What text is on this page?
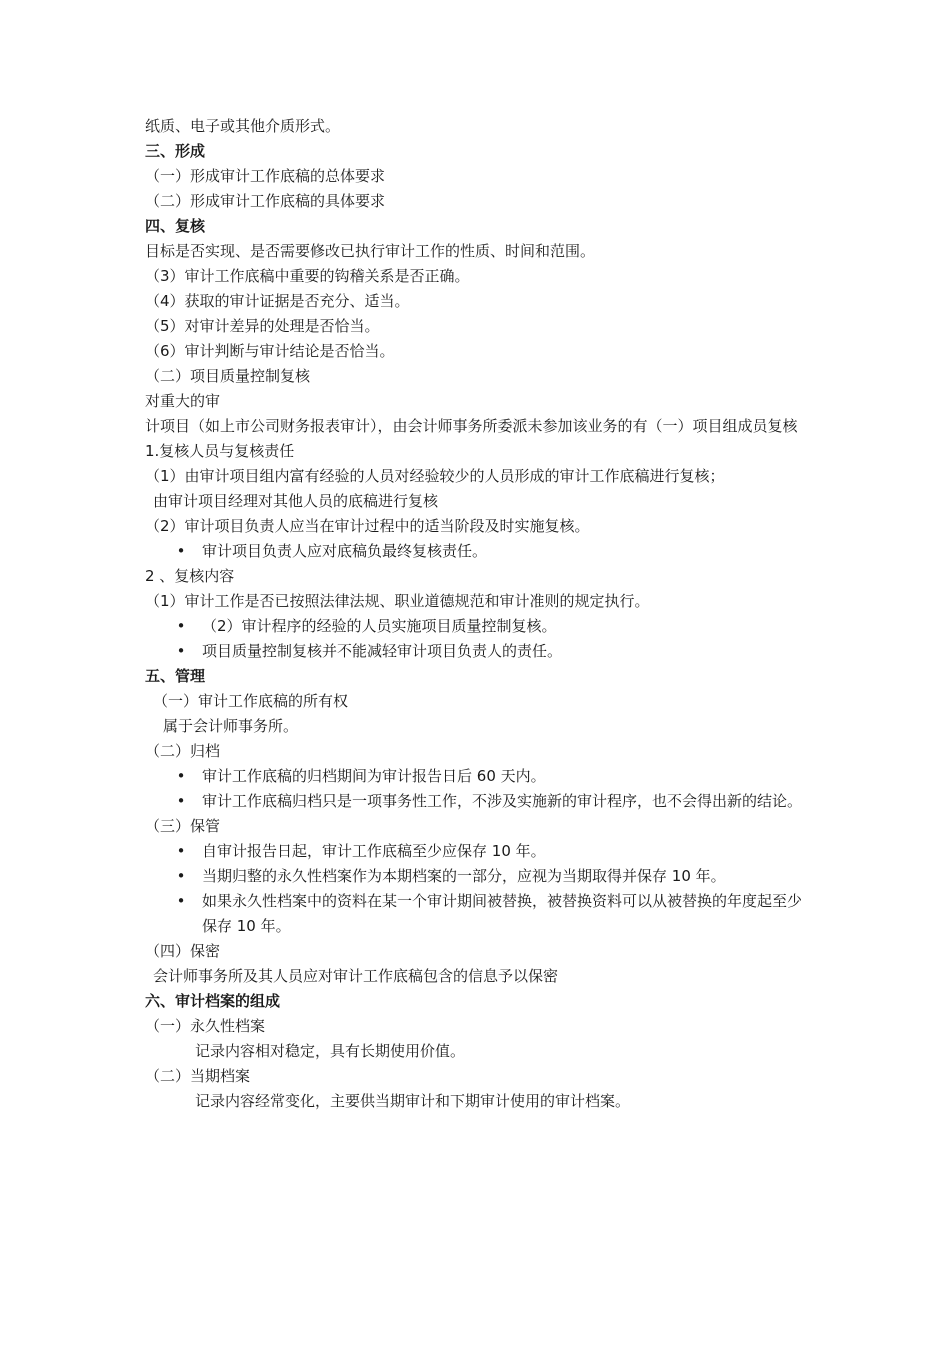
纸质、电子或其他介质形式。
三、形成
（一）形成审计工作底稿的总体要求
（二）形成审计工作底稿的具体要求
四、复核
目标是否实现、是否需要修改已执行审计工作的性质、时间和范围。
（3）审计工作底稿中重要的钩稽关系是否正确。
（4）获取的审计证据是否充分、适当。
（5）对审计差异的处理是否恰当。
（6）审计判断与审计结论是否恰当。
（二）项目质量控制复核
对重大的审
计项目（如上市公司财务报表审计），由会计师事务所委派未参加该业务的有（一）项目组成员复核
1.复核人员与复核责任
（1）由审计项目组内富有经验的人员对经验较少的人员形成的审计工作底稿进行复核；
由审计项目经理对其他人员的底稿进行复核
（2）审计项目负责人应当在审计过程中的适当阶段及时实施复核。
• 审计项目负责人应对底稿负最终复核责任。
2 、复核内容
（1）审计工作是否已按照法律法规、职业道德规范和审计准则的规定执行。
• （2）审计程序的经验的人员实施项目质量控制复核。
• 项目质量控制复核并不能减轻审计项目负责人的责任。
五、管理
（一）审计工作底稿的所有权
属于会计师事务所。
（二）归档
• 审计工作底稿的归档期间为审计报告日后 60 天内。
• 审计工作底稿归档只是一项事务性工作，不涉及实施新的审计程序，也不会得出新的结论。
（三）保管
• 自审计报告日起，审计工作底稿至少应保存 10 年。
• 当期归整的永久性档案作为本期档案的一部分，应视为当期取得并保存 10 年。
• 如果永久性档案中的资料在某一个审计期间被替换，被替换资料可以从被替换的年度起至少保存 10 年。
（四）保密
会计师事务所及其人员应对审计工作底稿包含的信息予以保密
六、审计档案的组成
（一）永久性档案
记录内容相对稳定，具有长期使用价值。
（二）当期档案
记录内容经常变化，主要供当期审计和下期审计使用的审计档案。
